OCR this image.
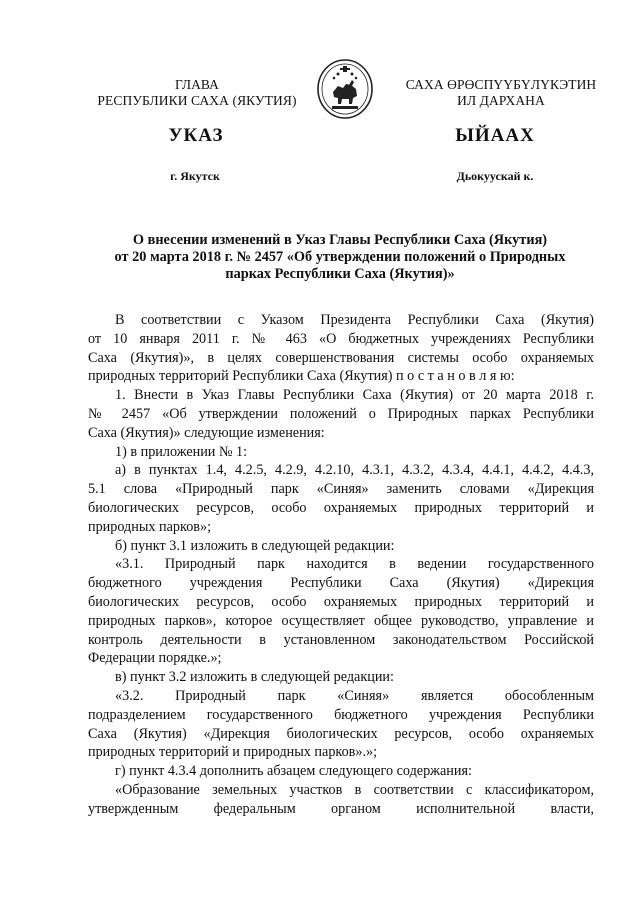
ГЛАВА
РЕСПУБЛИКИ САХА (ЯКУТИЯ)
САХА ӨРӨСПҮҮБҮЛҮКЭТИН
ИЛ ДАРХАНА
УКАЗ	ЫЙААХ
г. Якутск	Дьокуускай к.
О внесении изменений в Указ Главы Республики Саха (Якутия)
от 20 марта 2018 г. № 2457 «Об утверждении положений о Природных
парках Республики Саха (Якутия)»
В соответствии с Указом Президента Республики Саха (Якутия)
от 10 января 2011 г. № 463 «О бюджетных учреждениях Республики
Саха (Якутия)», в целях совершенствования системы особо охраняемых
природных территорий Республики Саха (Якутия) п о с т а н о в л я ю:
1. Внести в Указ Главы Республики Саха (Якутия) от 20 марта 2018 г.
№ 2457 «Об утверждении положений о Природных парках Республики
Саха (Якутия)» следующие изменения:
1) в приложении № 1:
а) в пунктах 1.4, 4.2.5, 4.2.9, 4.2.10, 4.3.1, 4.3.2, 4.3.4, 4.4.1, 4.4.2, 4.4.3,
5.1 слова «Природный парк «Синяя» заменить словами «Дирекция
биологических ресурсов, особо охраняемых природных территорий и
природных парков»;
б) пункт 3.1 изложить в следующей редакции:
«3.1. Природный парк находится в ведении государственного
бюджетного учреждения Республики Саха (Якутия) «Дирекция
биологических ресурсов, особо охраняемых природных территорий и
природных парков», которое осуществляет общее руководство, управление и
контроль деятельности в установленном законодательством Российской
Федерации порядке.»;
в) пункт 3.2 изложить в следующей редакции:
«3.2. Природный парк «Синяя» является обособленным
подразделением государственного бюджетного учреждения Республики
Саха (Якутия) «Дирекция биологических ресурсов, особо охраняемых
природных территорий и природных парков».»;
г) пункт 4.3.4 дополнить абзацем следующего содержания:
«Образование земельных участков в соответствии с классификатором,
утвержденным федеральным органом исполнительной власти,
